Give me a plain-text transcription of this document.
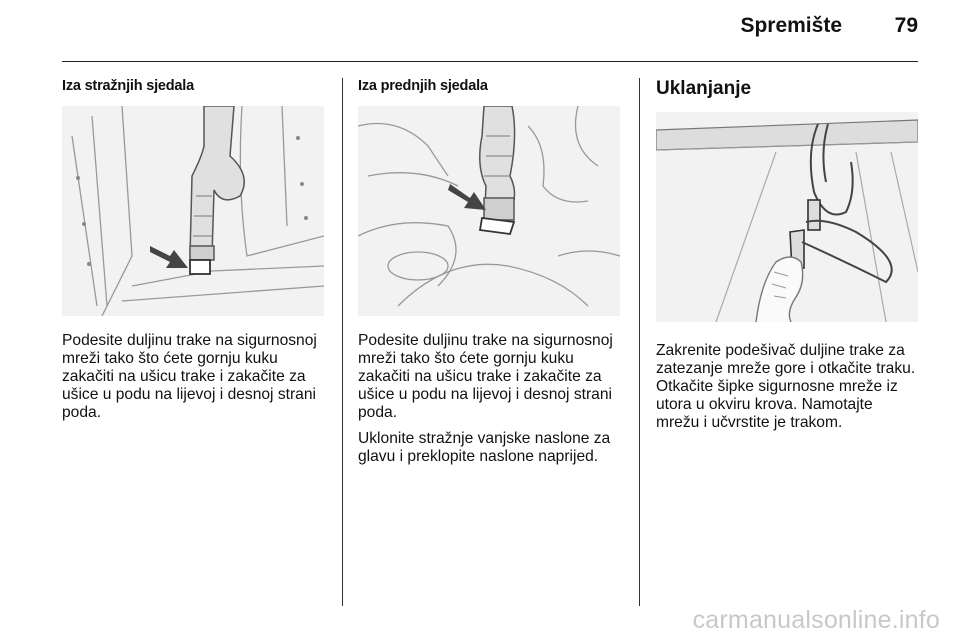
Spremište	79
Iza stražnjih sjedala

Podesite duljinu trake na sigurnosnoj mreži tako što ćete gornju kuku zakačiti na ušicu trake i zakačite za ušice u podu na lijevoj i desnoj strani poda.

Iza prednjih sjedala

Podesite duljinu trake na sigurnosnoj mreži tako što ćete gornju kuku zakačiti na ušicu trake i zakačite za ušice u podu na lijevoj i desnoj strani poda.

Uklonite stražnje vanjske naslone za glavu i preklopite naslone naprijed.

Uklanjanje

Zakrenite podešivač duljine trake za zatezanje mreže gore i otkačite traku. Otkačite šipke sigurnosne mreže iz utora u okviru krova. Namotajte mrežu i učvrstite je trakom.

carmanualsonline.info
